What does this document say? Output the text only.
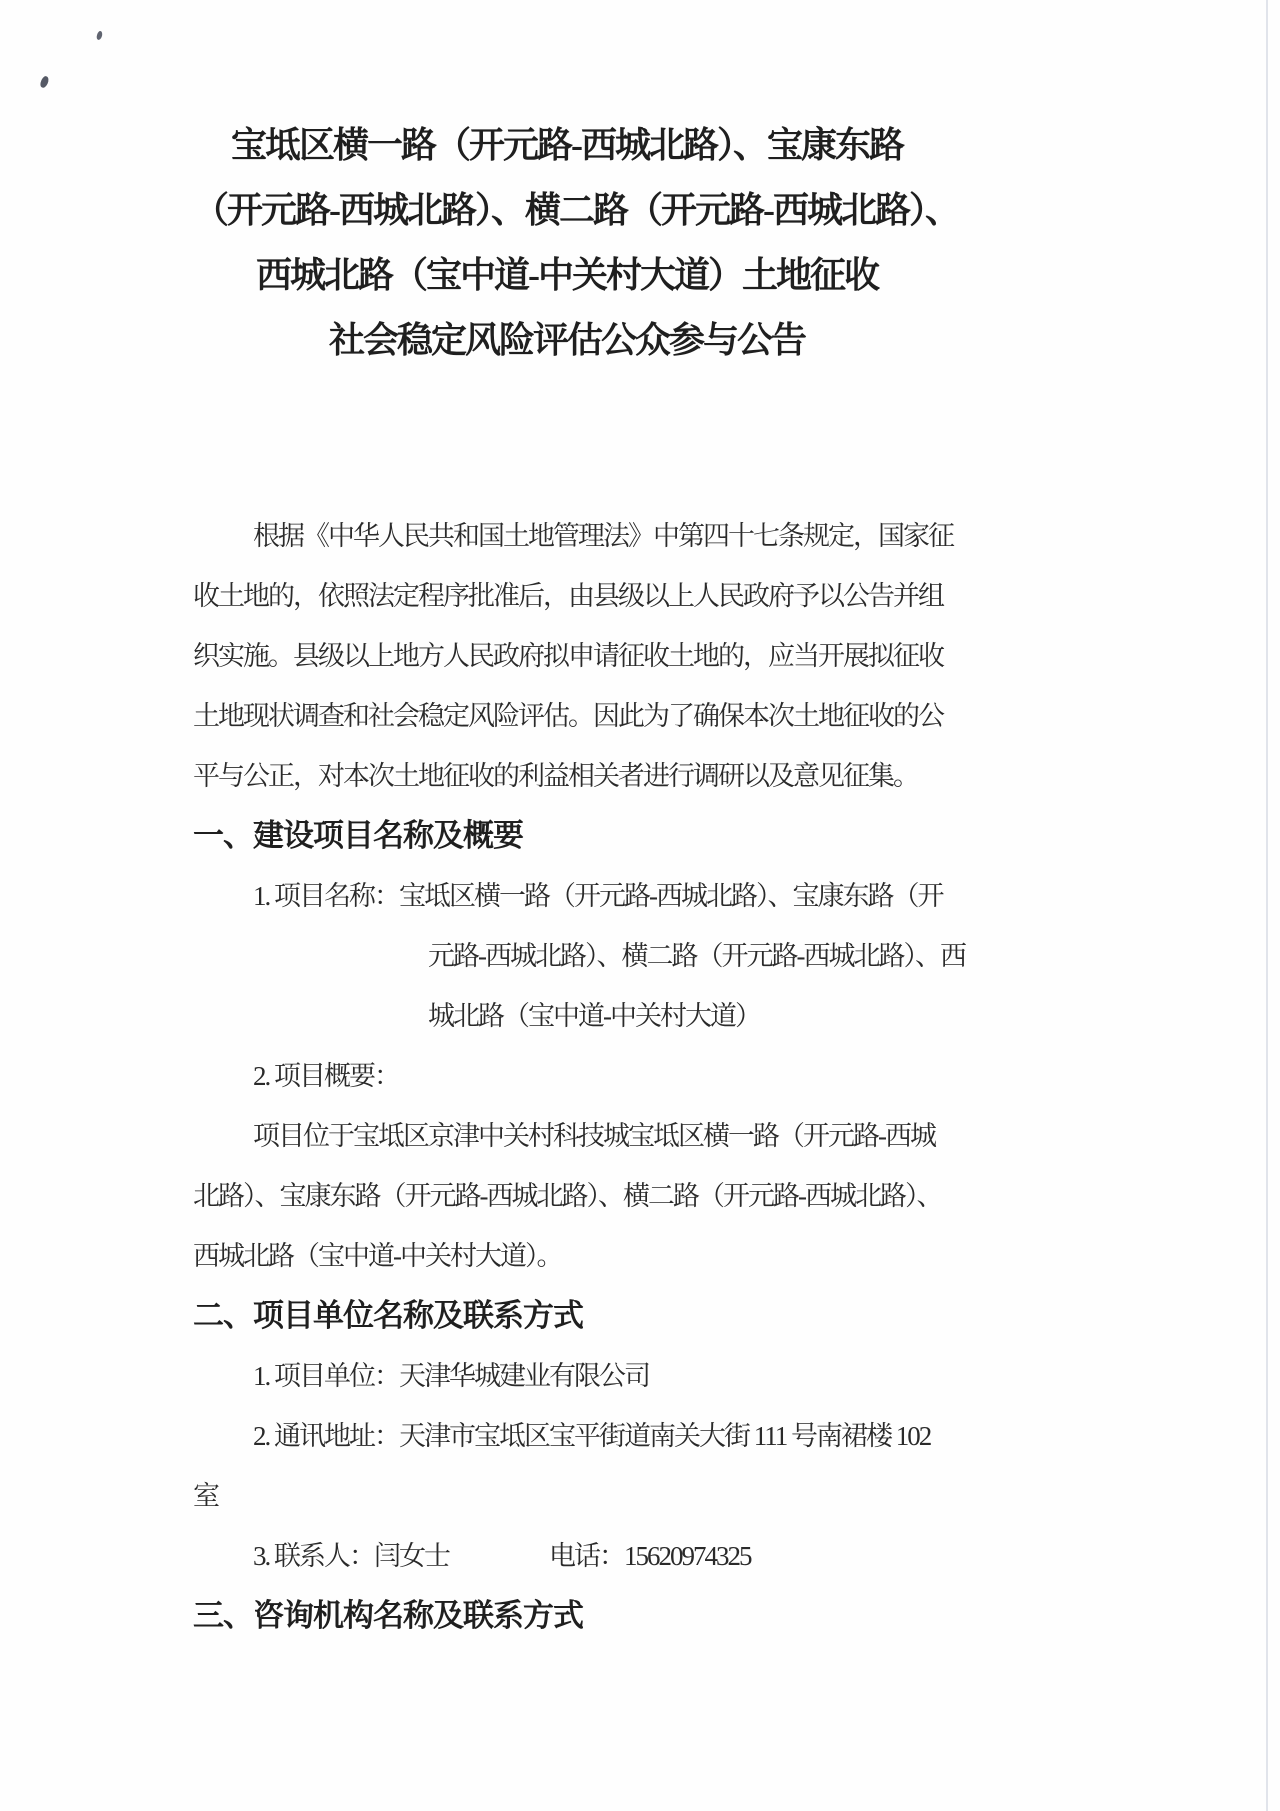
宝坻区横一路（开元路-西城北路）、宝康东路
（开元路-西城北路）、横二路（开元路-西城北路）、
西城北路（宝中道-中关村大道）土地征收
社会稳定风险评估公众参与公告
根据《中华人民共和国土地管理法》中第四十七条规定，国家征
收土地的，依照法定程序批准后，由县级以上人民政府予以公告并组
织实施。县级以上地方人民政府拟申请征收土地的，应当开展拟征收
土地现状调查和社会稳定风险评估。因此为了确保本次土地征收的公
平与公正，对本次土地征收的利益相关者进行调研以及意见征集。
一、建设项目名称及概要
1. 项目名称：宝坻区横一路（开元路-西城北路）、宝康东路（开
元路-西城北路）、横二路（开元路-西城北路）、西
城北路（宝中道-中关村大道）
2. 项目概要：
项目位于宝坻区京津中关村科技城宝坻区横一路（开元路-西城
北路）、宝康东路（开元路-西城北路）、横二路（开元路-西城北路）、
西城北路（宝中道-中关村大道）。
二、项目单位名称及联系方式
1. 项目单位：天津华城建业有限公司
2. 通讯地址：天津市宝坻区宝平街道南关大街 111 号南裙楼 102
室
3. 联系人：闫女士　　　　电话：15620974325
三、咨询机构名称及联系方式
